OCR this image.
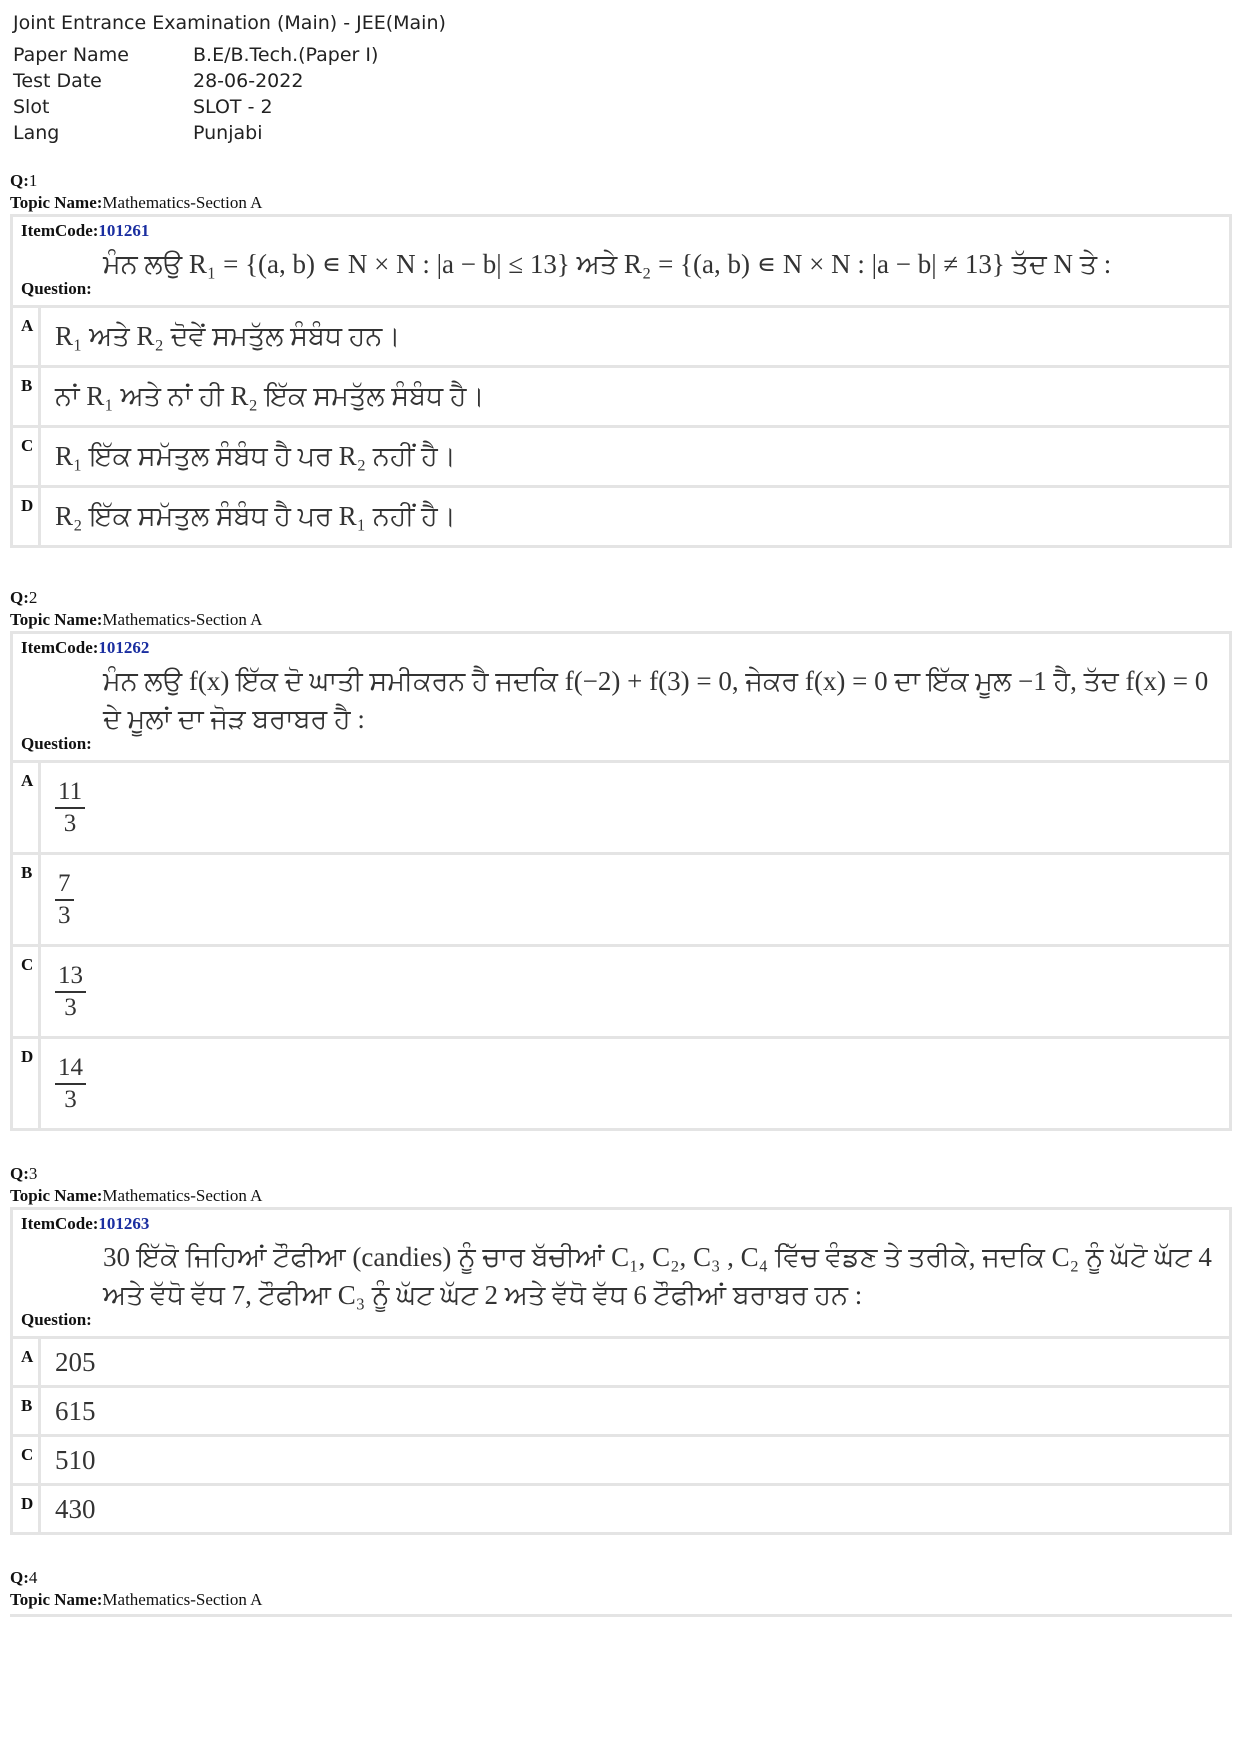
Joint Entrance Examination (Main) - JEE(Main)
Paper Name	B.E/B.Tech.(Paper I)
Test Date	28-06-2022
Slot	SLOT - 2
Lang	Punjabi
Q:1
Topic Name:Mathematics-Section A
ItemCode:101261
ਮੰਨ ਲਉ R₁ = {(a, b) ∊ N × N : |a − b| ≤ 13} ਅਤੇ R₂ = {(a, b) ∊ N × N : |a − b| ≠ 13} ਤੱਦ N ਤੇ :
Question:
A R₁ ਅਤੇ R₂ ਦੋਵੇਂ ਸਮਤੁੱਲ ਸੰਬੰਧ ਹਨ।
B ਨਾਂ R₁ ਅਤੇ ਨਾਂ ਹੀ R₂ ਇੱਕ ਸਮਤੁੱਲ ਸੰਬੰਧ ਹੈ।
C R₁ ਇੱਕ ਸਮੱਤੁਲ ਸੰਬੰਧ ਹੈ ਪਰ R₂ ਨਹੀਂ ਹੈ।
D R₂ ਇੱਕ ਸਮੱਤੁਲ ਸੰਬੰਧ ਹੈ ਪਰ R₁ ਨਹੀਂ ਹੈ।
Q:2
Topic Name:Mathematics-Section A
ItemCode:101262
ਮੰਨ ਲਉ f(x) ਇੱਕ ਦੋ ਘਾਤੀ ਸਮੀਕਰਨ ਹੈ ਜਦਕਿ f(−2) + f(3) = 0, ਜੇਕਰ f(x) = 0 ਦਾ ਇੱਕ ਮੂਲ −1 ਹੈ, ਤੱਦ f(x) = 0 ਦੇ ਮੂਲਾਂ ਦਾ ਜੋੜ ਬਰਾਬਰ ਹੈ :
Question:
A $\frac{11}{3}$
B $\frac{7}{3}$
C $\frac{13}{3}$
D $\frac{14}{3}$
Q:3
Topic Name:Mathematics-Section A
ItemCode:101263
30 ਇੱਕੋ ਜਿਹਿਆਂ ਟੌਫੀਆ (candies) ਨੂੰ ਚਾਰ ਬੱਚੀਆਂ C₁, C₂, C₃ , C₄ ਵਿੱਚ ਵੰਡਣ ਤੇ ਤਰੀਕੇ, ਜਦਕਿ C₂ ਨੂੰ ਘੱਟੋ ਘੱਟ 4 ਅਤੇ ਵੱਧੋ ਵੱਧ 7, ਟੌਫੀਆ C₃ ਨੂੰ ਘੱਟ ਘੱਟ 2 ਅਤੇ ਵੱਧੋ ਵੱਧ 6 ਟੌਫੀਆਂ ਬਰਾਬਰ ਹਨ :
Question:
A 205
B 615
C 510
D 430
Q:4
Topic Name:Mathematics-Section A
